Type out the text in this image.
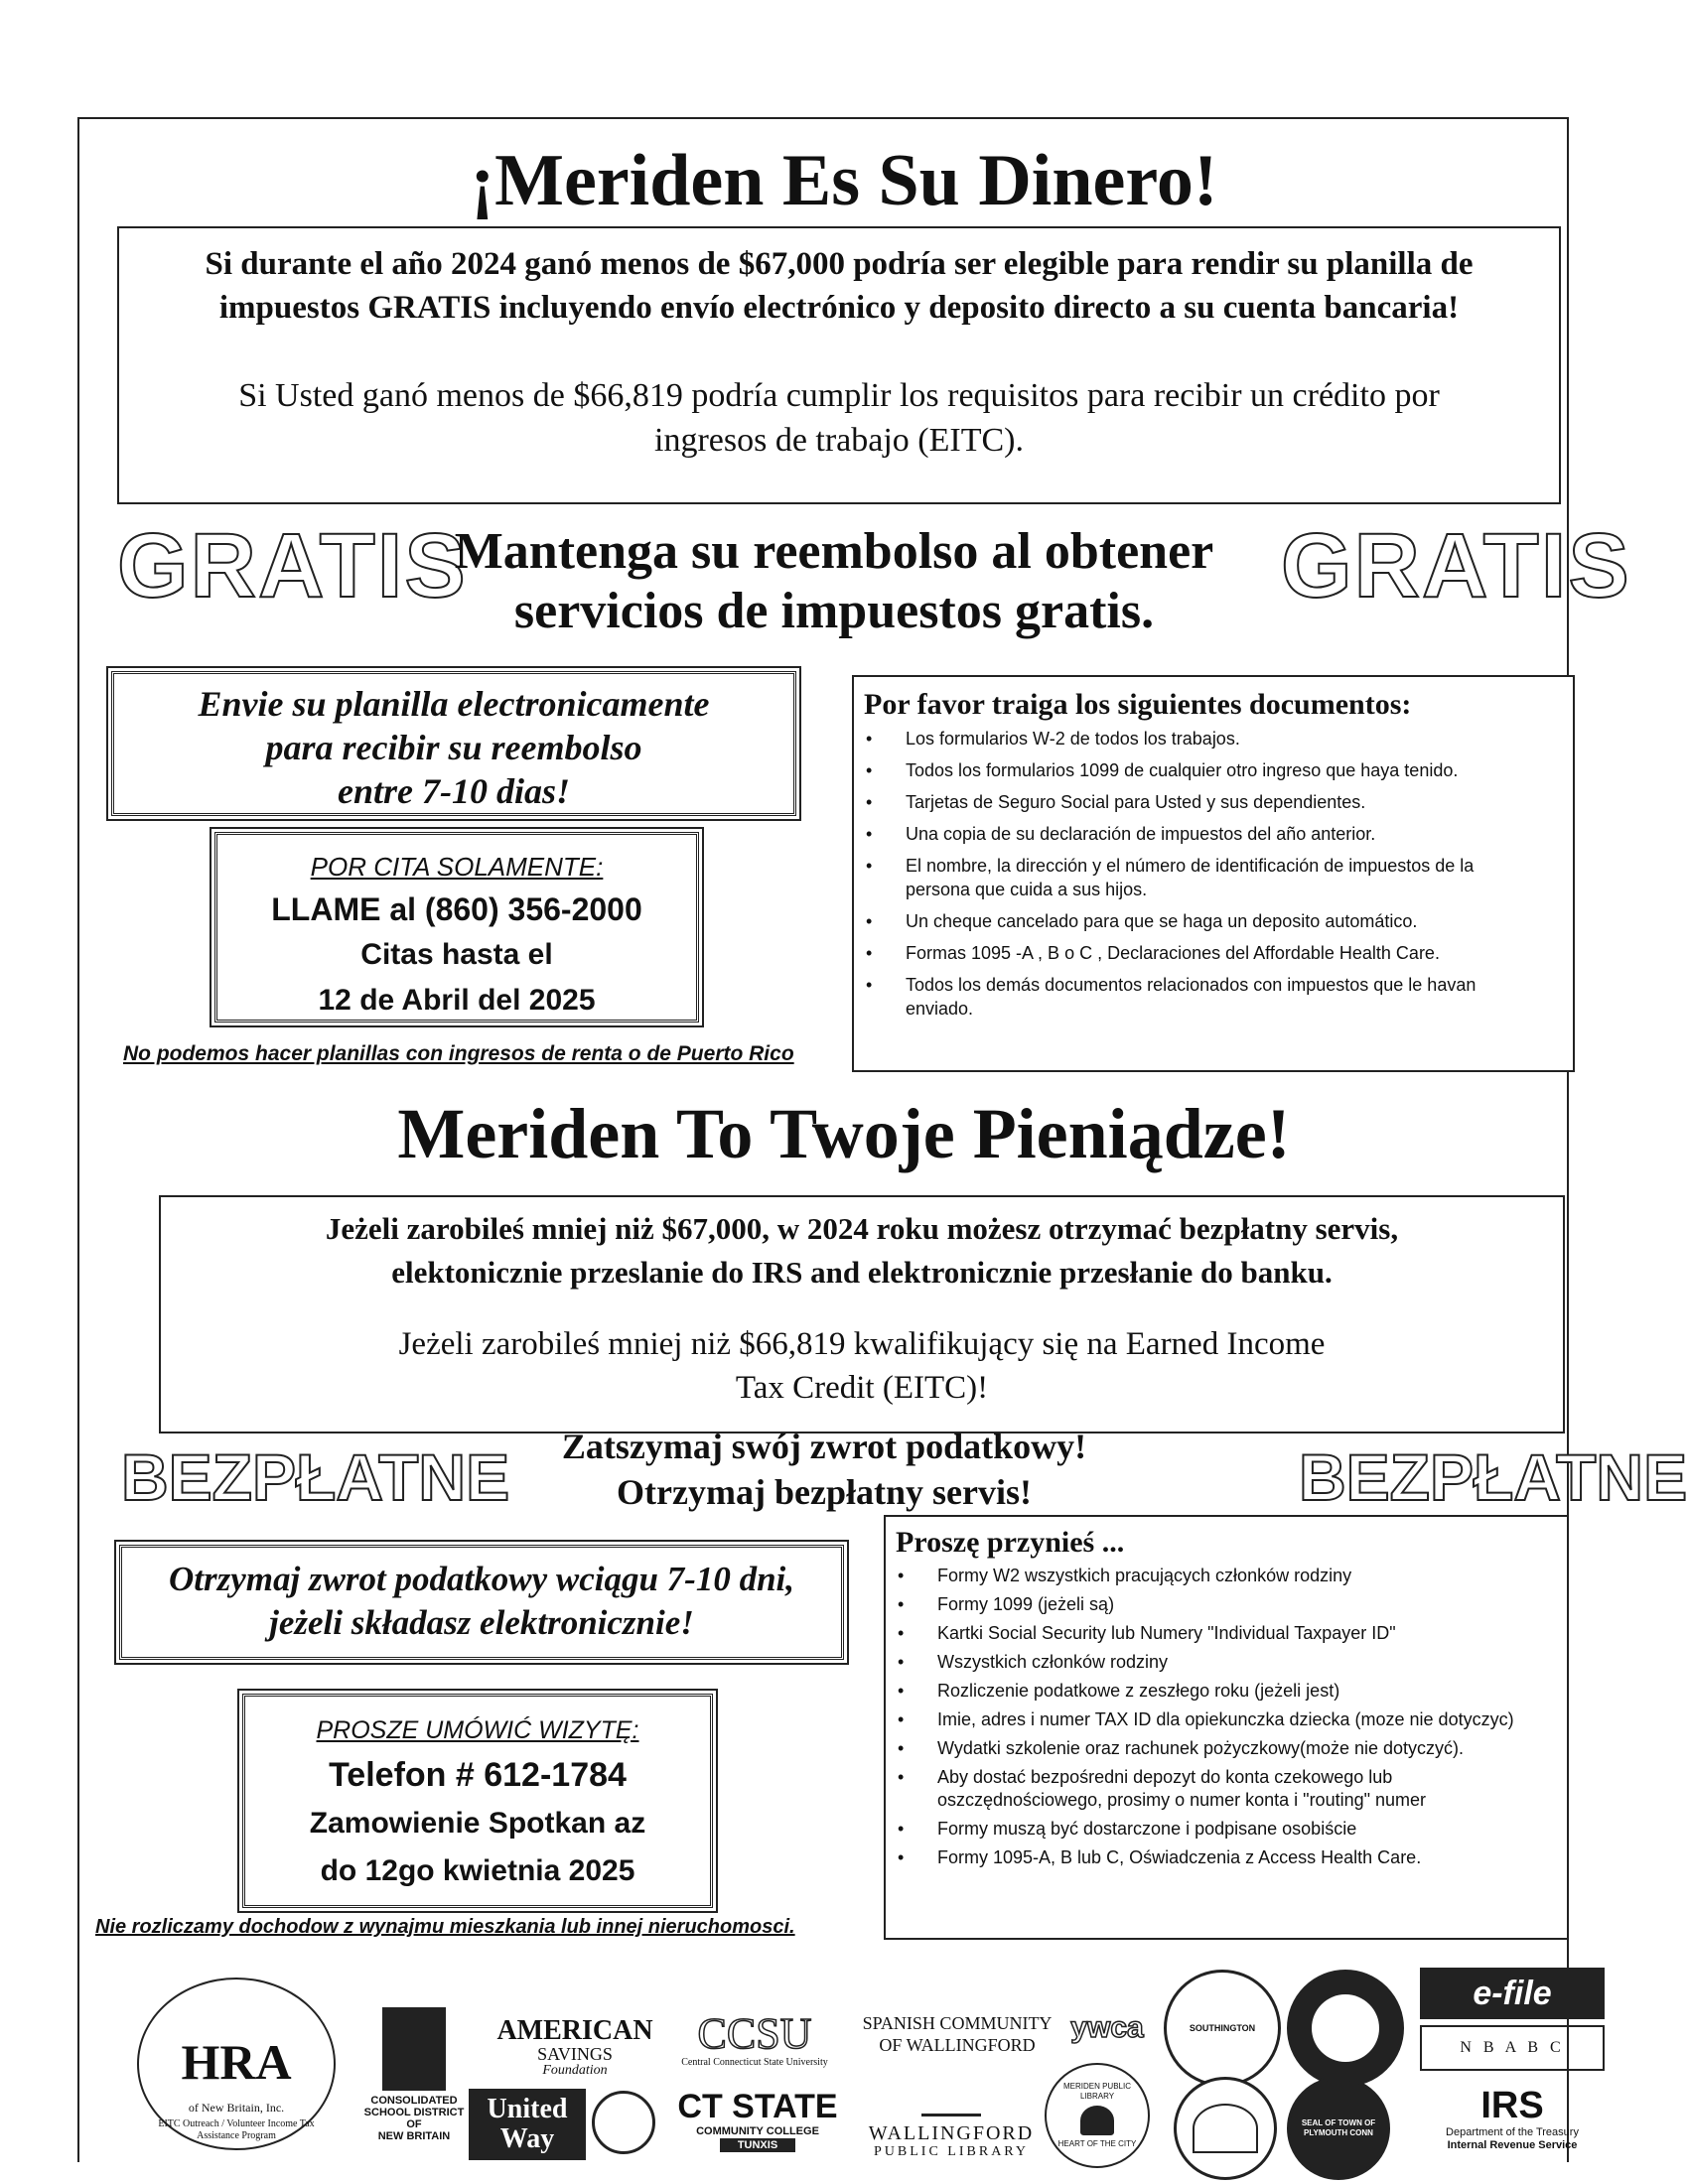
¡Meriden Es Su Dinero!
Si durante el año 2024 ganó menos de $67,000 podría ser elegible para rendir su planilla de
impuestos GRATIS incluyendo envío electrónico y deposito directo a su cuenta bancaria!
Si Usted ganó menos de $66,819 podría cumplir los requisitos para recibir un crédito por
ingresos de trabajo (EITC).
GRATIS	GRATIS
Mantenga su reembolso al obtener
servicios de impuestos gratis.
Envie su planilla electronicamente
para recibir su reembolso
entre 7-10 dias!
POR CITA SOLAMENTE:
LLAME al (860) 356-2000
Citas hasta el
12 de Abril del 2025
No podemos hacer planillas con ingresos de renta o de Puerto Rico
Por favor traiga los siguientes documentos:
• Los formularios W-2 de todos los trabajos.
• Todos los formularios 1099 de cualquier otro ingreso que haya tenido.
• Tarjetas de Seguro Social para Usted y sus dependientes.
• Una copia de su declaración de impuestos del año anterior.
• El nombre, la dirección y el número de identificación de impuestos de la persona que cuida a sus hijos.
• Un cheque cancelado para que se haga un deposito automático.
• Formas 1095 -A , B o C , Declaraciones del Affordable Health Care.
• Todos los demás documentos relacionados con impuestos que le havan enviado.
Meriden To Twoje Pieniądze!
Jeżeli zarobileś mniej niż $67,000, w 2024 roku możesz otrzymać bezpłatny servis,
elektonicznie przeslanie do IRS and elektronicznie przesłanie do banku.
Jeżeli zarobileś mniej niż $66,819 kwalifikujący się na Earned Income
Tax Credit (EITC)!
BEZPŁATNE	BEZPŁATNE
Zatszymaj swój zwrot podatkowy!
Otrzymaj bezpłatny servis!
Otrzymaj zwrot podatkowy wciągu 7-10 dni,
jeżeli składasz elektronicznie!
PROSZE UMÓWIĆ WIZYTĘ:
Telefon # 612-1784
Zamowienie Spotkan az
do 12go kwietnia 2025
Nie rozliczamy dochodow z wynajmu mieszkania lub innej nieruchomosci.
Proszę przynieś ...
• Formy W2 wszystkich pracujących członków rodziny
• Formy 1099 (jeżeli są)
• Kartki Social Security lub Numery "Individual Taxpayer ID"
• Wszystkich członków rodziny
• Rozliczenie podatkowe z zeszłego roku (jeżeli jest)
• Imie, adres i numer TAX ID dla opiekunczka dziecka (moze nie dotyczyc)
• Wydatki szkolenie oraz rachunek pożyczkowy(może nie dotyczyć).
• Aby dostać bezpośredni depozyt do konta czekowego lub oszczędnościowego, prosimy o numer konta i "routing" numer
• Formy muszą być dostarczone i podpisane osobiście
• Formy 1095-A, B lub C, Oświadczenia z Access Health Care.
HRA
of New Britain, Inc.
EITC Outreach / Volunteer Income Tax Assistance Program
CONSOLIDATED
SCHOOL DISTRICT
OF
NEW BRITAIN
AMERICAN
SAVINGS
Foundation
United
Way
CCSU
Central Connecticut State University
CT STATE
COMMUNITY COLLEGE
TUNXIS
SPANISH COMMUNITY
OF WALLINGFORD
ywca
WALLINGFORD
PUBLIC LIBRARY
MERIDEN PUBLIC LIBRARY
HEART OF THE CITY
SOUTHINGTON
SEAL OF TOWN OF PLYMOUTH CONN
e-file
N B A B C
IRS
Department of the Treasury
Internal Revenue Service
